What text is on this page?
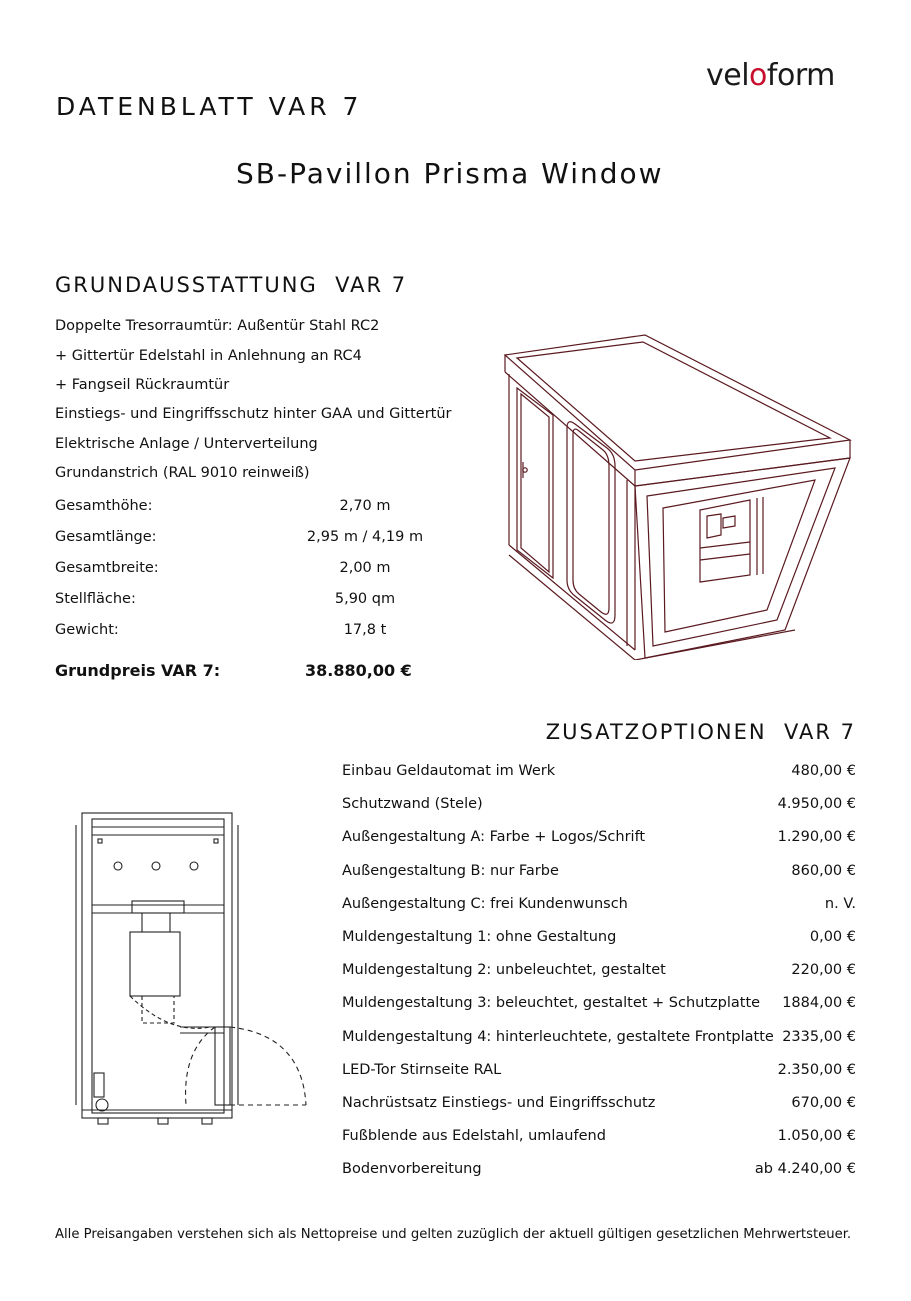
veloform
DATENBLATT VAR 7
SB-Pavillon Prisma Window
GRUNDAUSSTATTUNG  VAR 7
Doppelte Tresorraumtür: Außentür Stahl RC2
+ Gittertür Edelstahl in Anlehnung an RC4
+ Fangseil Rückraumtür
Einstiegs- und Eingriffsschutz hinter GAA und Gittertür
Elektrische Anlage / Unterverteilung
Grundanstrich (RAL 9010 reinweiß)
Gesamthöhe:	2,70 m
Gesamtlänge:	2,95 m / 4,19 m
Gesamtbreite:	2,00 m
Stellfläche:	5,90 qm
Gewicht:	17,8 t
Grundpreis VAR 7:	38.880,00 €
ZUSATZOPTIONEN  VAR 7
Einbau Geldautomat im Werk	480,00 €
Schutzwand (Stele)	4.950,00 €
Außengestaltung A: Farbe + Logos/Schrift	1.290,00 €
Außengestaltung B: nur Farbe	860,00 €
Außengestaltung C: frei Kundenwunsch	n. V.
Muldengestaltung 1: ohne Gestaltung	0,00 €
Muldengestaltung 2: unbeleuchtet, gestaltet	220,00 €
Muldengestaltung 3: beleuchtet, gestaltet + Schutzplatte 1884,00 €
Muldengestaltung 4: hinterleuchtete, gestaltete Frontplatte 2335,00 €
LED-Tor Stirnseite RAL	2.350,00 €
Nachrüstsatz Einstiegs- und Eingriffsschutz	670,00 €
Fußblende aus Edelstahl, umlaufend	1.050,00 €
Bodenvorbereitung	ab 4.240,00 €
Alle Preisangaben verstehen sich als Nettopreise und gelten zuzüglich der aktuell gültigen gesetzlichen Mehrwertsteuer.
